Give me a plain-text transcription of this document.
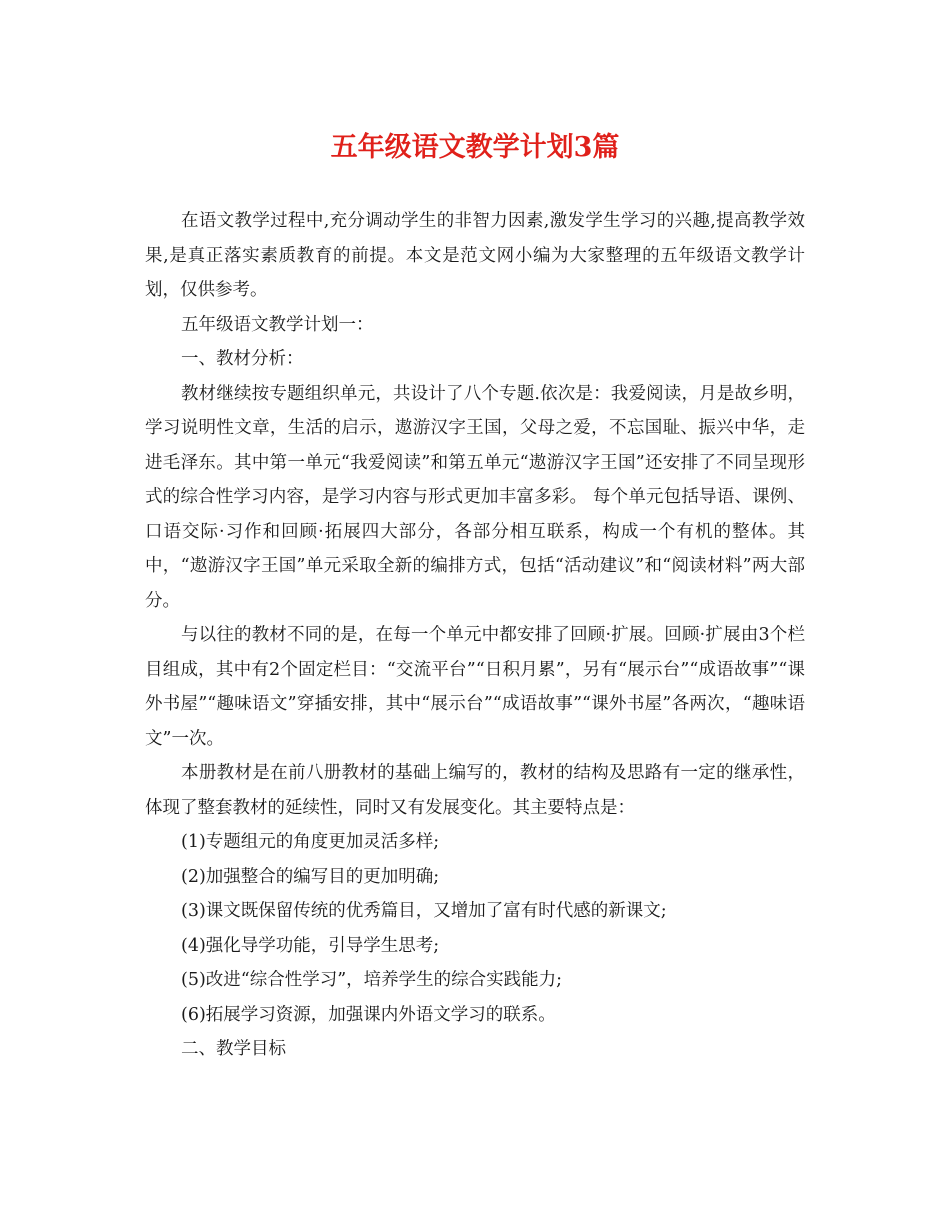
五年级语文教学计划3篇

在语文教学过程中,充分调动学生的非智力因素,激发学生学习的兴趣,提高教学效果,是真正落实素质教育的前提。本文是范文网小编为大家整理的五年级语文教学计划，仅供参考。

五年级语文教学计划一：

一、教材分析：

教材继续按专题组织单元，共设计了八个专题.依次是：我爱阅读，月是故乡明，学习说明性文章，生活的启示，遨游汉字王国，父母之爱，不忘国耻、振兴中华，走进毛泽东。其中第一单元“我爱阅读”和第五单元“遨游汉字王国”还安排了不同呈现形式的综合性学习内容，是学习内容与形式更加丰富多彩。 每个单元包括导语、课例、口语交际·习作和回顾·拓展四大部分，各部分相互联系，构成一个有机的整体。其中，“遨游汉字王国”单元采取全新的编排方式，包括“活动建议”和“阅读材料”两大部分。

与以往的教材不同的是，在每一个单元中都安排了回顾·扩展。回顾·扩展由3个栏目组成，其中有2个固定栏目：“交流平台”“日积月累”，另有“展示台”“成语故事”“课外书屋”“趣味语文”穿插安排，其中“展示台”“成语故事”“课外书屋”各两次，“趣味语文”一次。

本册教材是在前八册教材的基础上编写的，教材的结构及思路有一定的继承性，体现了整套教材的延续性，同时又有发展变化。其主要特点是：

(1)专题组元的角度更加灵活多样;

(2)加强整合的编写目的更加明确;

(3)课文既保留传统的优秀篇目，又增加了富有时代感的新课文;

(4)强化导学功能，引导学生思考;

(5)改进“综合性学习”，培养学生的综合实践能力;

(6)拓展学习资源，加强课内外语文学习的联系。

二、教学目标
